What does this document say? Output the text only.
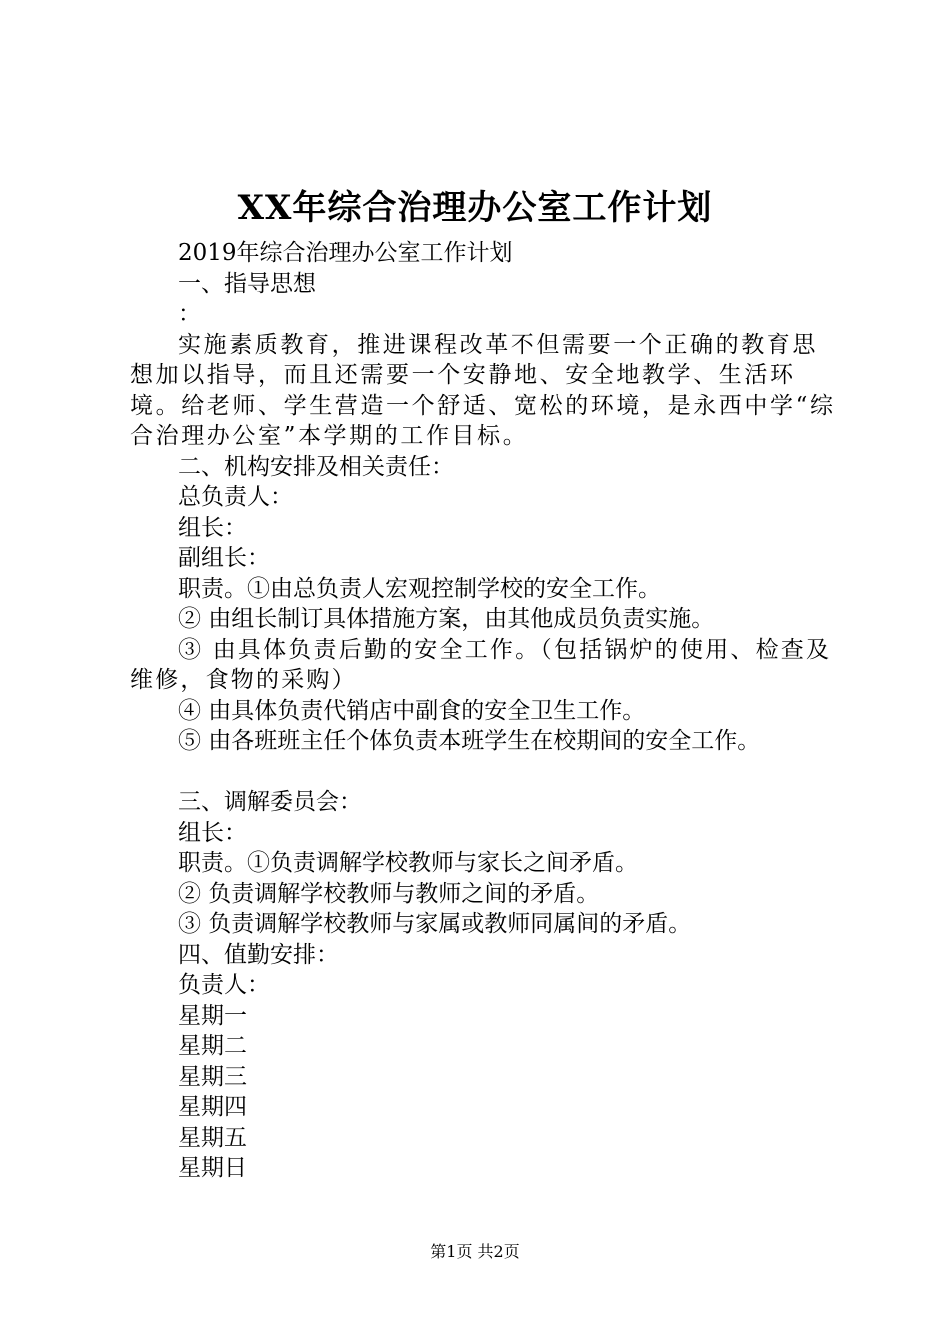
XX年综合治理办公室工作计划
2019年综合治理办公室工作计划
一、指导思想
：
实施素质教育，推进课程改革不但需要一个正确的教育思想加以指导，而且还需要一个安静地、安全地教学、生活环境。给老师、学生营造一个舒适、宽松的环境，是永西中学“综合治理办公室”本学期的工作目标。
二、机构安排及相关责任：
总负责人：
组长：
副组长：
职责。①由总负责人宏观控制学校的安全工作。
② 由组长制订具体措施方案，由其他成员负责实施。
③ 由具体负责后勤的安全工作。（包括锅炉的使用、检查及维修，食物的采购）
④ 由具体负责代销店中副食的安全卫生工作。
⑤ 由各班班主任个体负责本班学生在校期间的安全工作。
三、调解委员会：
组长：
职责。①负责调解学校教师与家长之间矛盾。
② 负责调解学校教师与教师之间的矛盾。
③ 负责调解学校教师与家属或教师同属间的矛盾。
四、值勤安排：
负责人：
星期一
星期二
星期三
星期四
星期五
星期日
第1页 共2页
